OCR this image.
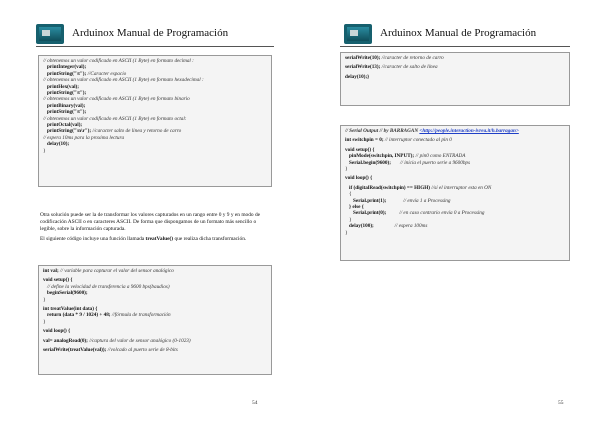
Arduinox Manual de Programación
// obtenemos un valor codificado en ASCII (1 Byte) en formato decimal :
printInteger(val);
printString("\t"); //Caracter espacio
// obtenemos un valor codificado en ASCII (1 Byte) en formato hexadecimal :
printHex(val);
printString("\t");
// obtenemos un valor codificado en ASCII (1 Byte) en formato binario
printBinary(val);
printString("\t");
// obtenemos un valor codificado en ASCII (1 Byte) en formato octal:
printOctal(val);
printString("\n\r"); //caracter salto de linea y retorno de carro
// espera 10ms para la proxima lectura
delay(10);
}
Otra solución puede ser la de transformar los valores capturados en un rango entre 0 y 9 y en modo de codificación ASCII o en caracteres ASCII. De forma que dispongamos de un formato más sencillo o legible, sobre la información capturada.
El siguiente código incluye una función llamada treatValue() que realiza dicha transformación.
int val; // variable para capturar el valor del sensor analógico
void setup() {
// define la velocidad de transferencia a 9600 bps(baudios)
beginSerial(9600);
}
int treatValue(int data) {
return (data * 9 / 1024) + 48; //fórmula de transformación
}
void loop() {
val= analogRead(0); //captura del valor de sensor analógico (0-1023)
serialWrite(treatValue(val)); //volcado al puerto serie de 8-bits
54
Arduinox Manual de Programación
serialWrite(10); //caracter de retorno de carro
serialWrite(13); //caracter de salto de línea
delay(10);}
// Serial Output // by BARRAGAN <http://people.interaction-ivrea.it/h.barragan>
int switchpin = 0; // interruptor conectado al pin 0
void setup() {
pinMode(switchpin, INPUT); // pin0 como ENTRADA
Serial.begin(9600);       // inicia el puerto serie a 9600bps
}
void loop() {
if (digitalRead(switchpin) == HIGH) //si el interruptor esta en ON
{
Serial.print(1);             // envía 1 a Processing
} else {
Serial.print(0);          // en caso contrario envía 0 a Processing
}
delay(100);                // espera 100ms
}
55
